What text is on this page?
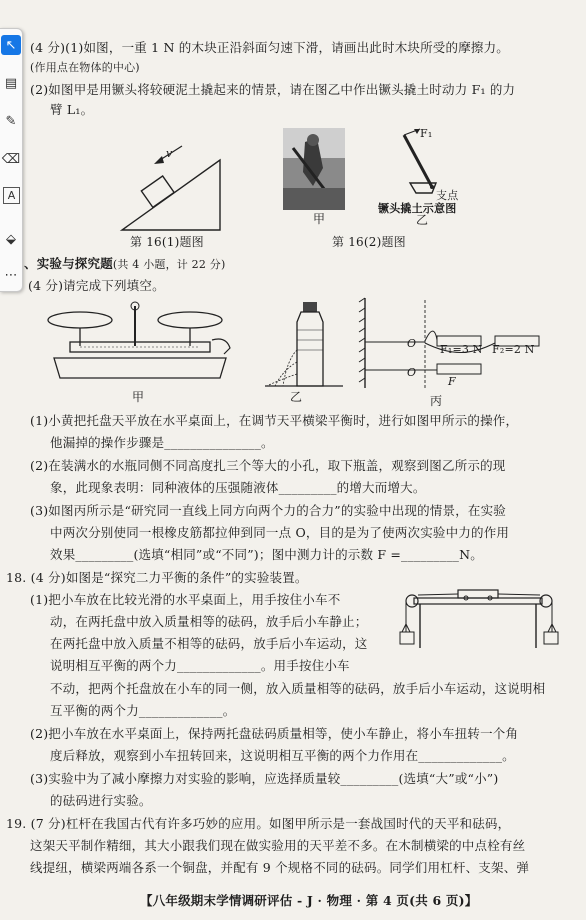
↖
▤
✎
⌫
A
⬙
⋯
(4 分)(1)如图，一重 1 N 的木块正沿斜面匀速下滑，请画出此时木块所受的摩擦力。
(作用点在物体的中心)
(2)如图甲是用镢头将较硬泥土撬起来的情景，请在图乙中作出镢头撬土时动力 F₁ 的力
臂 L₁。
v
甲
F₁
支点
镢头撬土示意图
乙
第 16(1)题图	第 16(2)题图
、实验与探究题(共 4 小题，计 22 分)
(4 分)请完成下列填空。
甲	乙
O
O
F₁=3 N F₂=2 N
F
丙
(1)小黄把托盘天平放在水平桌面上，在调节天平横梁平衡时，进行如图甲所示的操作，
他漏掉的操作步骤是_______________。
(2)在装满水的水瓶同侧不同高度扎三个等大的小孔，取下瓶盖，观察到图乙所示的现
象，此现象表明：同种液体的压强随液体_________的增大而增大。
(3)如图丙所示是“研究同一直线上同方向两个力的合力”的实验中出现的情景，在实验
中两次分别使同一根橡皮筋都拉伸到同一点 O，目的是为了使两次实验中力的作用
效果_________(选填“相同”或“不同”)；图中测力计的示数 F =_________N。
18. (4 分)如图是“探究二力平衡的条件”的实验装置。
(1)把小车放在比较光滑的水平桌面上，用手按住小车不
动，在两托盘中放入质量相等的砝码，放手后小车静止；
在两托盘中放入质量不相等的砝码，放手后小车运动，这
说明相互平衡的两个力_____________。用手按住小车
不动，把两个托盘放在小车的同一侧，放入质量相等的砝码，放手后小车运动，这说明相
互平衡的两个力_____________。
(2)把小车放在水平桌面上，保持两托盘砝码质量相等，使小车静止，将小车扭转一个角
度后释放，观察到小车扭转回来，这说明相互平衡的两个力作用在_____________。
(3)实验中为了减小摩擦力对实验的影响，应选择质量较_________(选填“大”或“小”)
的砝码进行实验。
19. (7 分)杠杆在我国古代有许多巧妙的应用。如图甲所示是一套战国时代的天平和砝码，
这架天平制作精细，其大小跟我们现在做实验用的天平差不多。在木制横梁的中点栓有丝
线提纽，横梁两端各系一个铜盘，并配有 9 个规格不同的砝码。同学们用杠杆、支架、弹
【八年级期末学情调研评估 - J · 物理 · 第 4 页(共 6 页)】
